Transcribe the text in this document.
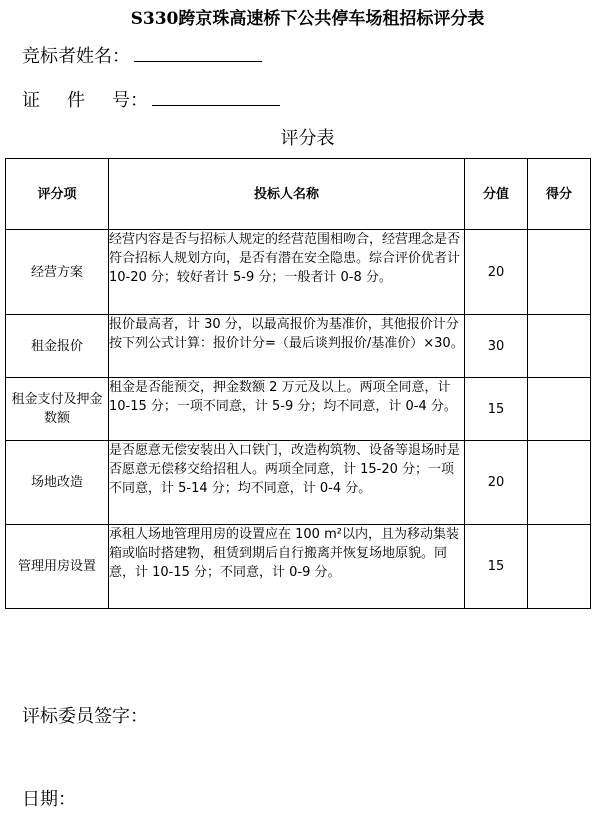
S330跨京珠高速桥下公共停车场租招标评分表
竞标者姓名：
证 件 号：
评分表
评分项	投标人名称	分值	得分
经营方案	经营内容是否与招标人规定的经营范围相吻合，经营理念是否符合招标人规划方向，是否有潜在安全隐患。综合评价优者计 10-20 分；较好者计 5-9 分；一般者计 0-8 分。	20	
租金报价	报价最高者，计 30 分，以最高报价为基准价，其他报价计分按下列公式计算：报价计分=（最后谈判报价/基准价）×30。	30	
租金支付及押金数额	租金是否能预交，押金数额 2 万元及以上。两项全同意，计 10-15 分；一项不同意，计 5-9 分；均不同意，计 0-4 分。	15	
场地改造	是否愿意无偿安装出入口铁门，改造构筑物、设备等退场时是否愿意无偿移交给招租人。两项全同意，计 15-20 分；一项不同意，计 5-14 分；均不同意，计 0-4 分。	20	
管理用房设置	承租人场地管理用房的设置应在 100 m²以内，且为移动集装箱或临时搭建物，租赁到期后自行搬离并恢复场地原貌。同意，计 10-15 分；不同意，计 0-9 分。	15	
评标委员签字：
日期：
